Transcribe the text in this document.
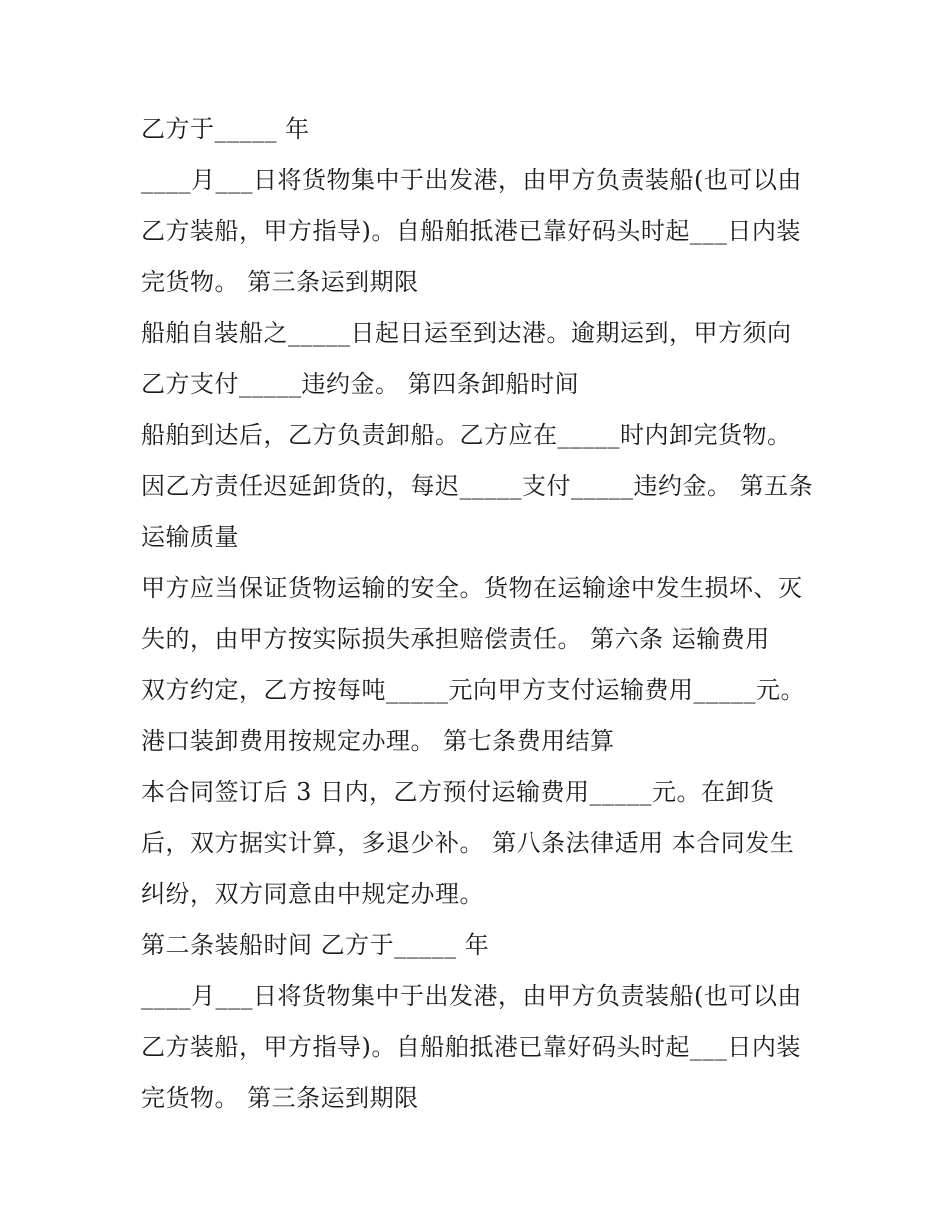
乙方于_____ 年
____月___日将货物集中于出发港，由甲方负责装船(也可以由
乙方装船，甲方指导)。自船舶抵港已靠好码头时起___日内装
完货物。 第三条运到期限
船舶自装船之_____日起日运至到达港。逾期运到，甲方须向
乙方支付_____违约金。 第四条卸船时间
船舶到达后，乙方负责卸船。乙方应在_____时内卸完货物。
因乙方责任迟延卸货的，每迟_____支付_____违约金。 第五条
运输质量
甲方应当保证货物运输的安全。货物在运输途中发生损坏、灭
失的，由甲方按实际损失承担赔偿责任。 第六条 运输费用
双方约定，乙方按每吨_____元向甲方支付运输费用_____元。
港口装卸费用按规定办理。 第七条费用结算
本合同签订后 3 日内，乙方预付运输费用_____元。在卸货
后，双方据实计算，多退少补。 第八条法律适用 本合同发生
纠纷，双方同意由中规定办理。
第二条装船时间 乙方于_____ 年
____月___日将货物集中于出发港，由甲方负责装船(也可以由
乙方装船，甲方指导)。自船舶抵港已靠好码头时起___日内装
完货物。 第三条运到期限
